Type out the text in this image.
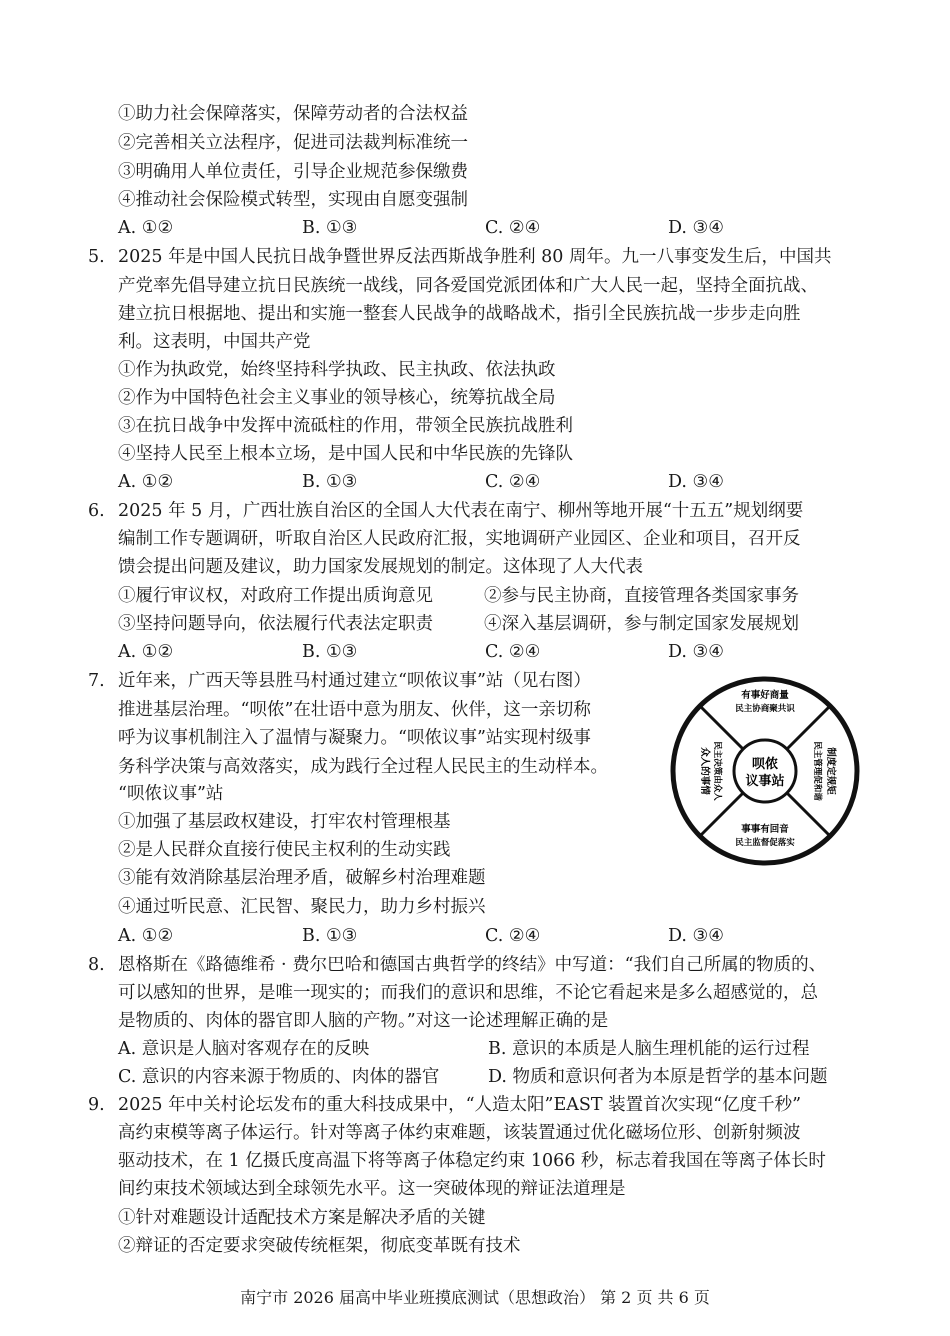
①助力社会保障落实，保障劳动者的合法权益
②完善相关立法程序，促进司法裁判标准统一
③明确用人单位责任，引导企业规范参保缴费
④推动社会保险模式转型，实现由自愿变强制
A. ①②	B. ①③	C. ②④	D. ③④
5. 2025 年是中国人民抗日战争暨世界反法西斯战争胜利 80 周年。九一八事变发生后，中国共
产党率先倡导建立抗日民族统一战线，同各爱国党派团体和广大人民一起，坚持全面抗战、
建立抗日根据地、提出和实施一整套人民战争的战略战术，指引全民族抗战一步步走向胜
利。这表明，中国共产党
①作为执政党，始终坚持科学执政、民主执政、依法执政
②作为中国特色社会主义事业的领导核心，统筹抗战全局
③在抗日战争中发挥中流砥柱的作用，带领全民族抗战胜利
④坚持人民至上根本立场，是中国人民和中华民族的先锋队
A. ①②	B. ①③	C. ②④	D. ③④
6. 2025 年 5 月，广西壮族自治区的全国人大代表在南宁、柳州等地开展“十五五”规划纲要
编制工作专题调研，听取自治区人民政府汇报，实地调研产业园区、企业和项目，召开反
馈会提出问题及建议，助力国家发展规划的制定。这体现了人大代表
①履行审议权，对政府工作提出质询意见	②参与民主协商，直接管理各类国家事务
③坚持问题导向，依法履行代表法定职责	④深入基层调研，参与制定国家发展规划
A. ①②	B. ①③	C. ②④	D. ③④
7. 近年来，广西天等县胜马村通过建立“呗侬议事”站（见右图）
推进基层治理。“呗侬”在壮语中意为朋友、伙伴，这一亲切称
呼为议事机制注入了温情与凝聚力。“呗侬议事”站实现村级事
务科学决策与高效落实，成为践行全过程人民民主的生动样本。
“呗侬议事”站
①加强了基层政权建设，打牢农村管理根基
②是人民群众直接行使民主权利的生动实践
③能有效消除基层治理矛盾，破解乡村治理难题
④通过听民意、汇民智、聚民力，助力乡村振兴
A. ①②	B. ①③	C. ②④	D. ③④
呗侬
议事站
有事好商量
民主协商聚共识
事事有回音
民主监督促落实
制度定规矩
民主管理促和谐
众人的事情 民主决策由众人
8. 恩格斯在《路德维希 · 费尔巴哈和德国古典哲学的终结》中写道：“我们自己所属的物质的、
可以感知的世界，是唯一现实的；而我们的意识和思维，不论它看起来是多么超感觉的，总
是物质的、肉体的器官即人脑的产物。”对这一论述理解正确的是
A. 意识是人脑对客观存在的反映	B. 意识的本质是人脑生理机能的运行过程
C. 意识的内容来源于物质的、肉体的器官	D. 物质和意识何者为本原是哲学的基本问题
9. 2025 年中关村论坛发布的重大科技成果中，“人造太阳”EAST 装置首次实现“亿度千秒”
高约束模等离子体运行。针对等离子体约束难题，该装置通过优化磁场位形、创新射频波
驱动技术，在 1 亿摄氏度高温下将等离子体稳定约束 1066 秒，标志着我国在等离子体长时
间约束技术领域达到全球领先水平。这一突破体现的辩证法道理是
①针对难题设计适配技术方案是解决矛盾的关键
②辩证的否定要求突破传统框架，彻底变革既有技术
南宁市 2026 届高中毕业班摸底测试（思想政治） 第 2 页 共 6 页
